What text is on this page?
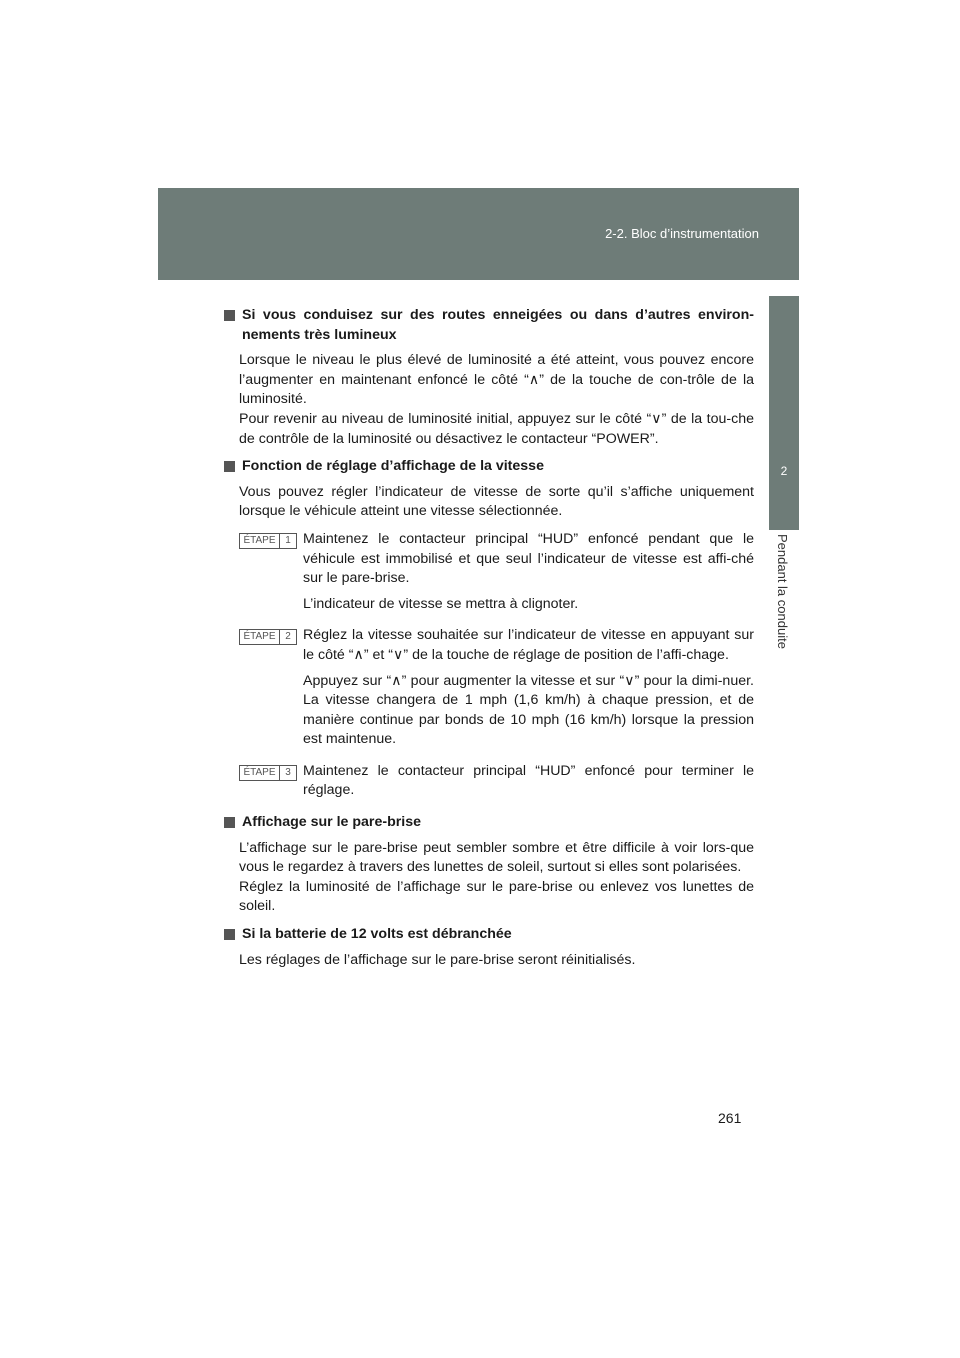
2-2. Bloc d’instrumentation
2
Pendant la conduite
Si vous conduisez sur des routes enneigées ou dans d’autres environ-nements très lumineux

Lorsque le niveau le plus élevé de luminosité a été atteint, vous pouvez encore l’augmenter en maintenant enfoncé le côté “∧” de la touche de con-trôle de la luminosité.

Pour revenir au niveau de luminosité initial, appuyez sur le côté “∨” de la tou-che de contrôle de la luminosité ou désactivez le contacteur “POWER”.

Fonction de réglage d’affichage de la vitesse

Vous pouvez régler l’indicateur de vitesse de sorte qu’il s’affiche uniquement lorsque le véhicule atteint une vitesse sélectionnée.

ÉTAPE 1 Maintenez le contacteur principal “HUD” enfoncé pendant que le véhicule est immobilisé et que seul l’indicateur de vitesse est affi-ché sur le pare-brise.

L’indicateur de vitesse se mettra à clignoter.

ÉTAPE 2 Réglez la vitesse souhaitée sur l’indicateur de vitesse en appuyant sur le côté “∧” et “∨” de la touche de réglage de position de l’affi-chage.

Appuyez sur “∧” pour augmenter la vitesse et sur “∨” pour la dimi-nuer. La vitesse changera de 1 mph (1,6 km/h) à chaque pression, et de manière continue par bonds de 10 mph (16 km/h) lorsque la pression est maintenue.

ÉTAPE 3 Maintenez le contacteur principal “HUD” enfoncé pour terminer le réglage.

Affichage sur le pare-brise

L’affichage sur le pare-brise peut sembler sombre et être difficile à voir lors-que vous le regardez à travers des lunettes de soleil, surtout si elles sont polarisées.

Réglez la luminosité de l’affichage sur le pare-brise ou enlevez vos lunettes de soleil.

Si la batterie de 12 volts est débranchée

Les réglages de l’affichage sur le pare-brise seront réinitialisés.

261
